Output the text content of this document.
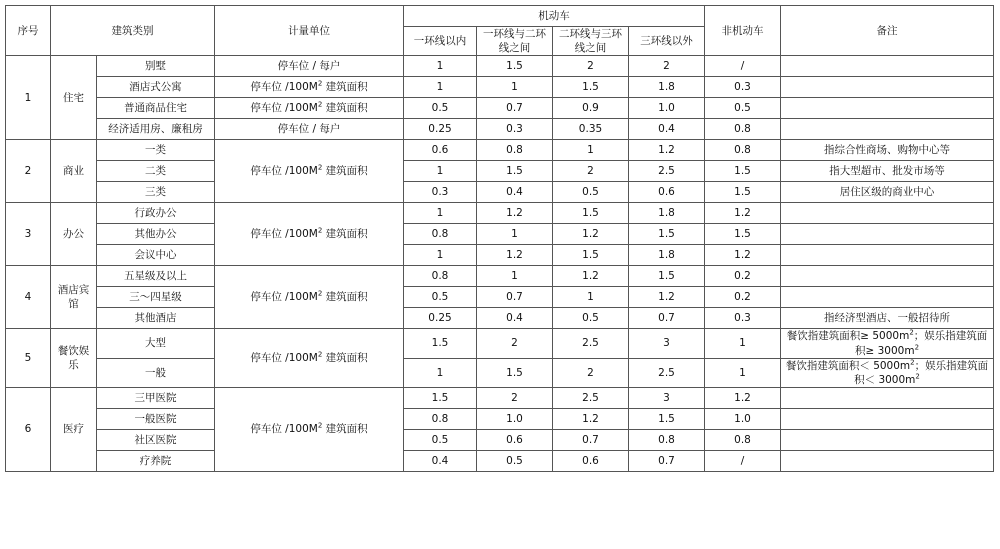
序号	建筑类别		计量单位	机动车				非机动车	备注
				一环线以内	一环线与二环线之间	二环线与三环线之间	三环线以外		
1	住宅	别墅	停车位 / 每户	1	1.5	2	2	/	
		酒店式公寓	停车位 $/100M^2$ 建筑面积	1	1	1.5	1.8	0.3	
		普通商品住宅	停车位 $/100M^2$ 建筑面积	0.5	0.7	0.9	1.0	0.5	
		经济适用房、廉租房	停车位 / 每户	0.25	0.3	0.35	0.4	0.8	
2	商业	一类	停车位 $/100M^2$ 建筑面积	0.6	0.8	1	1.2	0.8	指综合性商场、购物中心等
		二类		1	1.5	2	2.5	1.5	指大型超市、批发市场等
		三类		0.3	0.4	0.5	0.6	1.5	居住区级的商业中心
3	办公	行政办公	停车位 $/100M^2$ 建筑面积	1	1.2	1.5	1.8	1.2	
		其他办公		0.8	1	1.2	1.5	1.5	
		会议中心		1	1.2	1.5	1.8	1.2	
4	酒店宾馆	五星级及以上	停车位 $/100M^2$ 建筑面积	0.8	1	1.2	1.5	0.2	
		三～四星级		0.5	0.7	1	1.2	0.2	
		其他酒店		0.25	0.4	0.5	0.7	0.3	指经济型酒店、一般招待所
5	餐饮娱乐	大型	停车位 $/100M^2$ 建筑面积	1.5	2	2.5	3	1	餐饮指建筑面积≥ $5000m^2$；娱乐指建筑面积≥ $3000m^2$
		一般		1	1.5	2	2.5	1	餐饮指建筑面积＜ $5000m^2$；娱乐指建筑面积＜ $3000m^2$
6	医疗	三甲医院	停车位 $/100M^2$ 建筑面积	1.5	2	2.5	3	1.2	
		一般医院		0.8	1.0	1.2	1.5	1.0	
		社区医院		0.5	0.6	0.7	0.8	0.8	
		疗养院		0.4	0.5	0.6	0.7	/	
